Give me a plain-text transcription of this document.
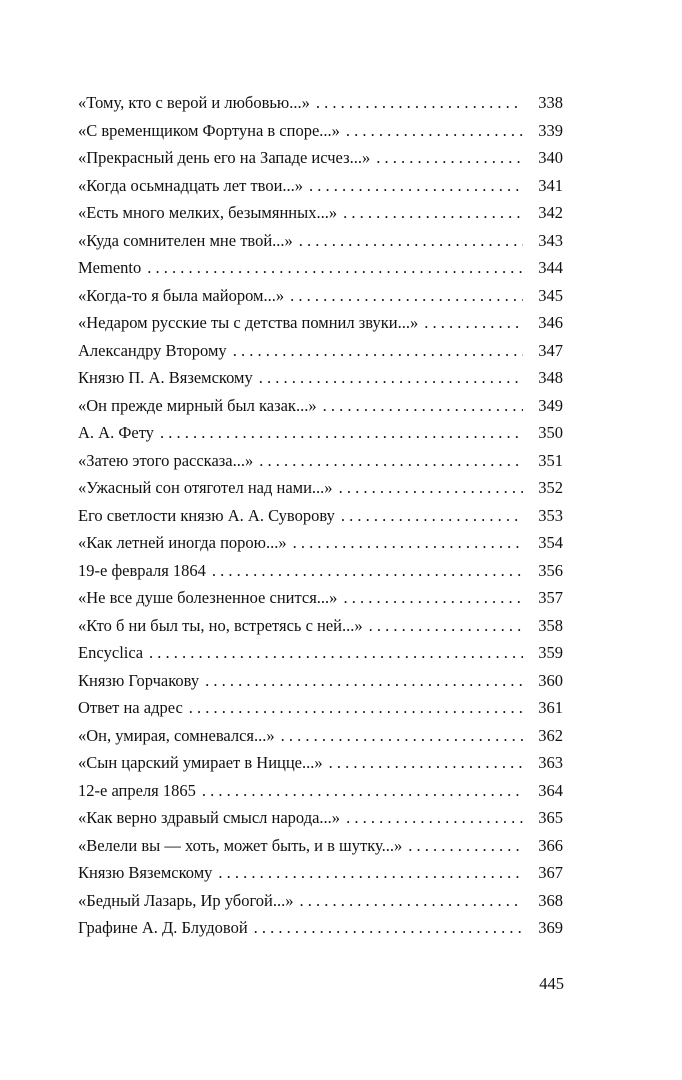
«Тому, кто с верой и любовью...» . . .	338
«С временщиком Фортуна в споре...» . . .	339
«Прекрасный день его на Западе исчез...» . . .	340
«Когда осьмнадцать лет твои...» . . .	341
«Есть много мелких, безымянных...» . . .	342
«Куда сомнителен мне твой...» . . .	343
Memento . . .	344
«Когда-то я была майором...» . . .	345
«Недаром русские ты с детства помнил звуки...» . . .	346
Александру Второму . . .	347
Князю П. А. Вяземскому . . .	348
«Он прежде мирный был казак...» . . .	349
А. А. Фету . . .	350
«Затею этого рассказа...» . . .	351
«Ужасный сон отяготел над нами...» . . .	352
Его светлости князю А. А. Суворову . . .	353
«Как летней иногда порою...» . . .	354
19-е февраля 1864 . . .	356
«Не все душе болезненное снится...» . . .	357
«Кто б ни был ты, но, встретясь с ней...» . . .	358
Encyclica . . .	359
Князю Горчакову . . .	360
Ответ на адрес . . .	361
«Он, умирая, сомневался...» . . .	362
«Сын царский умирает в Ницце...» . . .	363
12-е апреля 1865 . . .	364
«Как верно здравый смысл народа...» . . .	365
«Велели вы — хоть, может быть, и в шутку...» . . .	366
Князю Вяземскому . . .	367
«Бедный Лазарь, Ир убогой...» . . .	368
Графине А. Д. Блудовой . . .	369
445
